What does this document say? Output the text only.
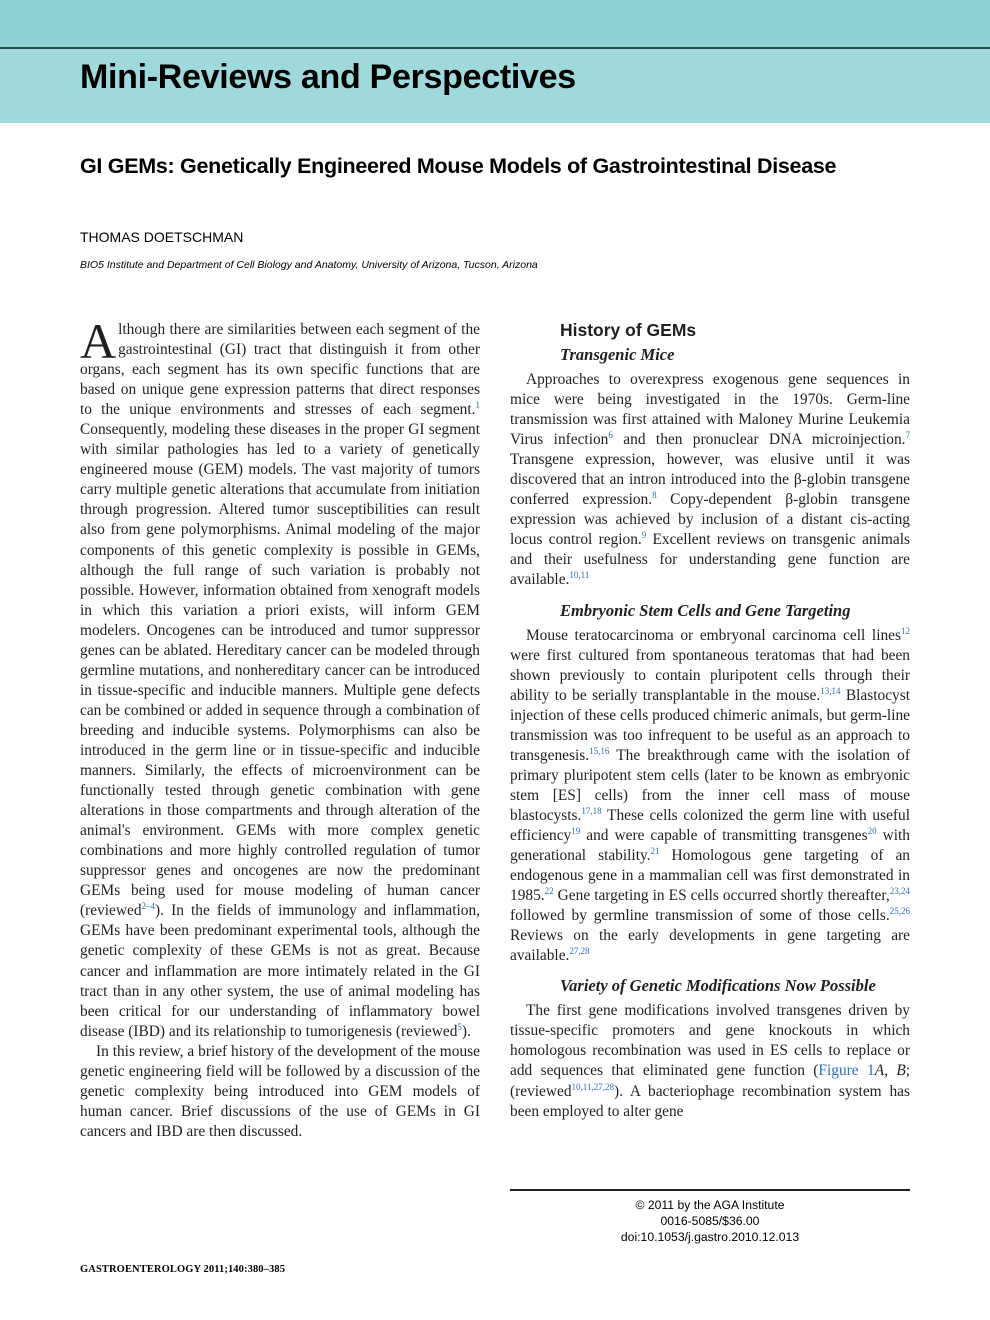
Mini-Reviews and Perspectives
GI GEMs: Genetically Engineered Mouse Models of Gastrointestinal Disease
THOMAS DOETSCHMAN
BIO5 Institute and Department of Cell Biology and Anatomy, University of Arizona, Tucson, Arizona

Although there are similarities between each segment of the gastrointestinal (GI) tract that distinguish it from other organs, each segment has its own specific functions that are based on unique gene expression patterns that direct responses to the unique environments and stresses of each segment.$^1$ Consequently, modeling these diseases in the proper GI segment with similar pathologies has led to a variety of genetically engineered mouse (GEM) models. The vast majority of tumors carry multiple genetic alterations that accumulate from initiation through progression. Altered tumor susceptibilities can result also from gene polymorphisms. Animal modeling of the major components of this genetic complexity is possible in GEMs, although the full range of such variation is probably not possible. However, information obtained from xenograft models in which this variation a priori exists, will inform GEM modelers. Oncogenes can be introduced and tumor suppressor genes can be ablated. Hereditary cancer can be modeled through germline mutations, and nonhereditary cancer can be introduced in tissue-specific and inducible manners. Multiple gene defects can be combined or added in sequence through a combination of breeding and inducible systems. Polymorphisms can also be introduced in the germ line or in tissue-specific and inducible manners. Similarly, the effects of microenvironment can be functionally tested through genetic combination with gene alterations in those compartments and through alteration of the animal's environment. GEMs with more complex genetic combinations and more highly controlled regulation of tumor suppressor genes and oncogenes are now the predominant GEMs being used for mouse modeling of human cancer (reviewed$^{2-4}$). In the fields of immunology and inflammation, GEMs have been predominant experimental tools, although the genetic complexity of these GEMs is not as great. Because cancer and inflammation are more intimately related in the GI tract than in any other system, the use of animal modeling has been critical for our understanding of inflammatory bowel disease (IBD) and its relationship to tumorigenesis (reviewed$^5$).

In this review, a brief history of the development of the mouse genetic engineering field will be followed by a discussion of the genetic complexity being introduced into GEM models of human cancer. Brief discussions of the use of GEMs in GI cancers and IBD are then discussed.

History of GEMs

Transgenic Mice

Approaches to overexpress exogenous gene sequences in mice were being investigated in the 1970s. Germ-line transmission was first attained with Maloney Murine Leukemia Virus infection$^6$ and then pronuclear DNA microinjection.$^7$ Transgene expression, however, was elusive until it was discovered that an intron introduced into the β-globin transgene conferred expression.$^8$ Copy-dependent β-globin transgene expression was achieved by inclusion of a distant cis-acting locus control region.$^9$ Excellent reviews on transgenic animals and their usefulness for understanding gene function are available.$^{10,11}$

Embryonic Stem Cells and Gene Targeting

Mouse teratocarcinoma or embryonal carcinoma cell lines$^{12}$ were first cultured from spontaneous teratomas that had been shown previously to contain pluripotent cells through their ability to be serially transplantable in the mouse.$^{13,14}$ Blastocyst injection of these cells produced chimeric animals, but germ-line transmission was too infrequent to be useful as an approach to transgenesis.$^{15,16}$ The breakthrough came with the isolation of primary pluripotent stem cells (later to be known as embryonic stem [ES] cells) from the inner cell mass of mouse blastocysts.$^{17,18}$ These cells colonized the germ line with useful efficiency$^{19}$ and were capable of transmitting transgenes$^{20}$ with generational stability.$^{21}$ Homologous gene targeting of an endogenous gene in a mammalian cell was first demonstrated in 1985.22 Gene targeting in ES cells occurred shortly thereafter,$^{23,24}$ followed by germline transmission of some of those cells.$^{25,26}$ Reviews on the early developments in gene targeting are available.$^{27,28}$

Variety of Genetic Modifications Now Possible

The first gene modifications involved transgenes driven by tissue-specific promoters and gene knockouts in which homologous recombination was used in ES cells to replace or add sequences that eliminated gene function (Figure 1A, B; (reviewed$^{10,11,27,28}$). A bacteriophage recombination system has been employed to alter gene

© 2011 by the AGA Institute
0016-5085/$36.00
doi:10.1053/j.gastro.2010.12.013
GASTROENTEROLOGY 2011;140:380–385
